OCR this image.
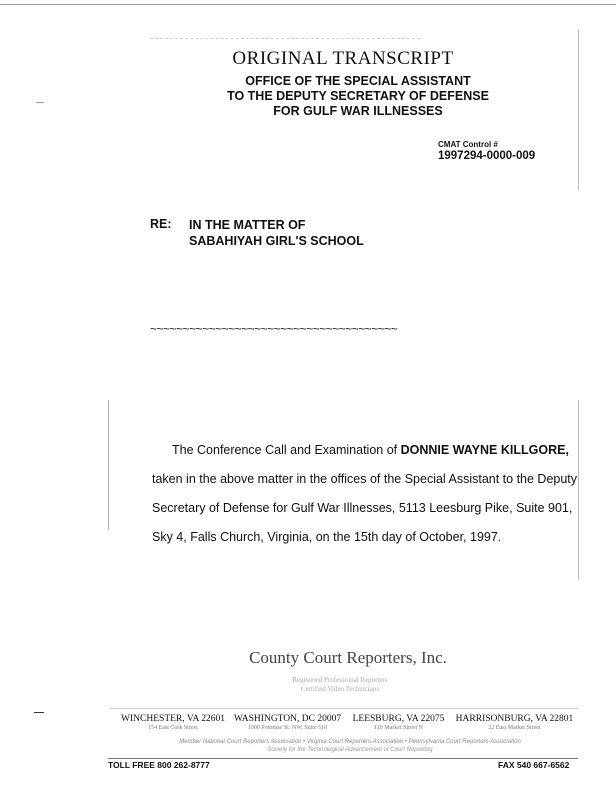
ORIGINAL TRANSCRIPT
OFFICE OF THE SPECIAL ASSISTANT
TO THE DEPUTY SECRETARY OF DEFENSE
FOR GULF WAR ILLNESSES
CMAT Control #
1997294-0000-009
RE: IN THE MATTER OF
SABAHIYAH GIRL'S SCHOOL
~~~~~~~~~~~~~~~~~~~~~~~~~~~~~~~~~~~~~~

The Conference Call and Examination of DONNIE WAYNE KILLGORE,

taken in the above matter in the offices of the Special Assistant to the Deputy

Secretary of Defense for Gulf War Illnesses, 5113 Leesburg Pike, Suite 901,

Sky 4, Falls Church, Virginia, on the 15th day of October, 1997.

County Court Reporters, Inc.
Registered Professional Reporters
Certified Video Technicians
WINCHESTER, VA 22601
154 East Cork Street
WASHINGTON, DC 20007
1000 Potomac St. NW, Suite 510
LEESBURG, VA 22075
110 Market Street N
HARRISONBURG, VA 22801
22 East Market Street
Member National Court Reporters Association • Virginia Court Reporters Association • Pennsylvania Court Reporters Association
Society for the Technological Advancement of Court Reporting
TOLL FREE 800 262-8777	FAX 540 667-6562
